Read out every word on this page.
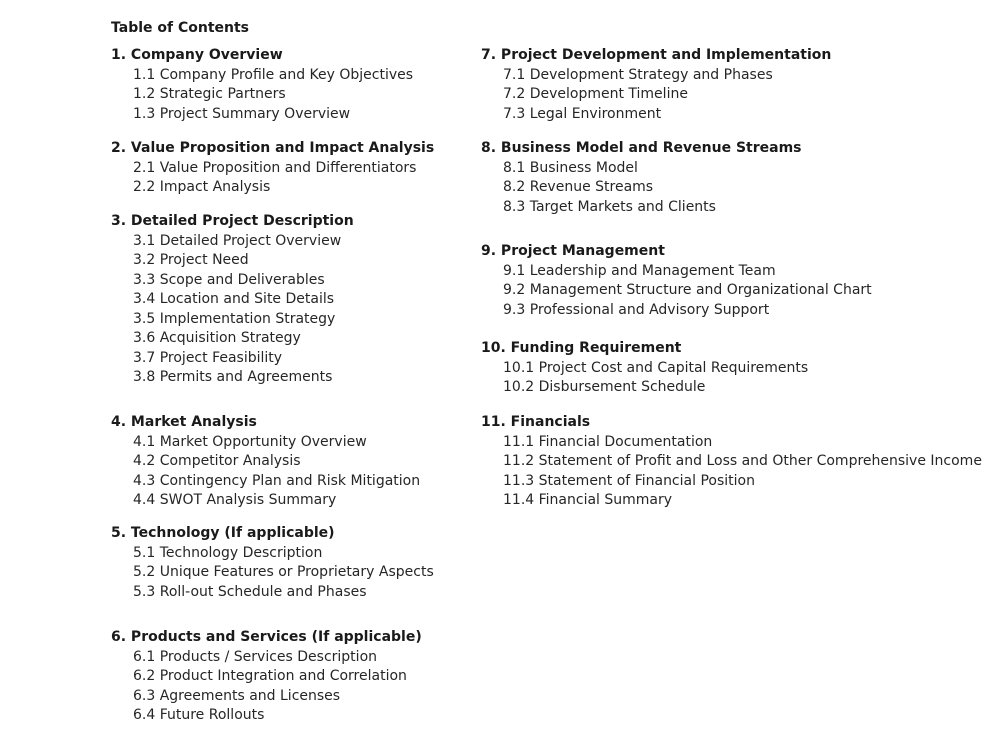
Table of Contents
1. Company Overview
1.1 Company Profile and Key Objectives
1.2 Strategic Partners
1.3 Project Summary Overview
2. Value Proposition and Impact Analysis
2.1 Value Proposition and Differentiators
2.2 Impact Analysis
3. Detailed Project Description
3.1 Detailed Project Overview
3.2 Project Need
3.3 Scope and Deliverables
3.4 Location and Site Details
3.5 Implementation Strategy
3.6 Acquisition Strategy
3.7 Project Feasibility
3.8 Permits and Agreements
4. Market Analysis
4.1 Market Opportunity Overview
4.2 Competitor Analysis
4.3 Contingency Plan and Risk Mitigation
4.4 SWOT Analysis Summary
5. Technology (If applicable)
5.1 Technology Description
5.2 Unique Features or Proprietary Aspects
5.3 Roll-out Schedule and Phases
6. Products and Services (If applicable)
6.1 Products / Services Description
6.2 Product Integration and Correlation
6.3 Agreements and Licenses
6.4 Future Rollouts
7. Project Development and Implementation
7.1 Development Strategy and Phases
7.2 Development Timeline
7.3 Legal Environment
8. Business Model and Revenue Streams
8.1 Business Model
8.2 Revenue Streams
8.3 Target Markets and Clients
9. Project Management
9.1 Leadership and Management Team
9.2 Management Structure and Organizational Chart
9.3 Professional and Advisory Support
10. Funding Requirement
10.1 Project Cost and Capital Requirements
10.2 Disbursement Schedule
11. Financials
11.1 Financial Documentation
11.2 Statement of Profit and Loss and Other Comprehensive Income
11.3 Statement of Financial Position
11.4 Financial Summary
